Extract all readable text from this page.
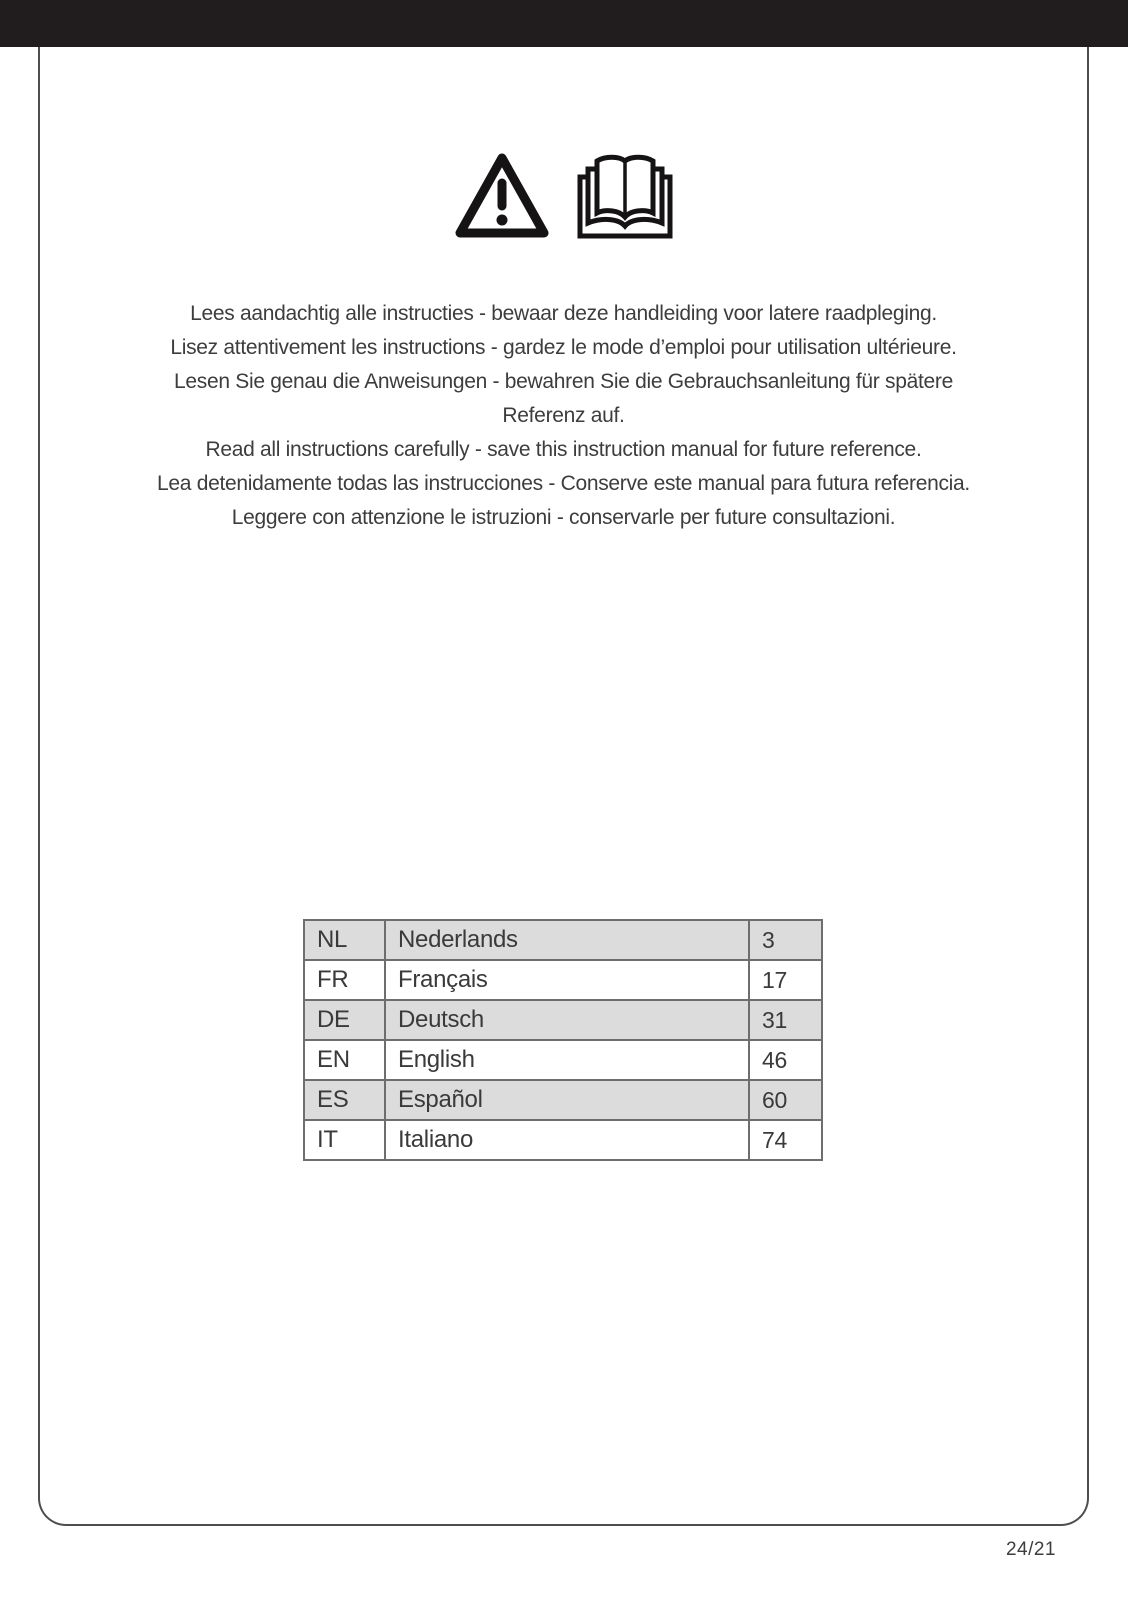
Lees aandachtig alle instructies - bewaar deze handleiding voor latere raadpleging.
Lisez attentivement les instructions - gardez le mode d’emploi pour utilisation ultérieure.
Lesen Sie genau die Anweisungen - bewahren Sie die Gebrauchsanleitung für spätere
Referenz auf.
Read all instructions carefully - save this instruction manual for future reference.
Lea detenidamente todas las instrucciones - Conserve este manual para futura referencia.
Leggere con attenzione le istruzioni - conservarle per future consultazioni.
NL	Nederlands	3
FR	Français	17
DE	Deutsch	31
EN	English	46
ES	Español	60
IT	Italiano	74
24/21
